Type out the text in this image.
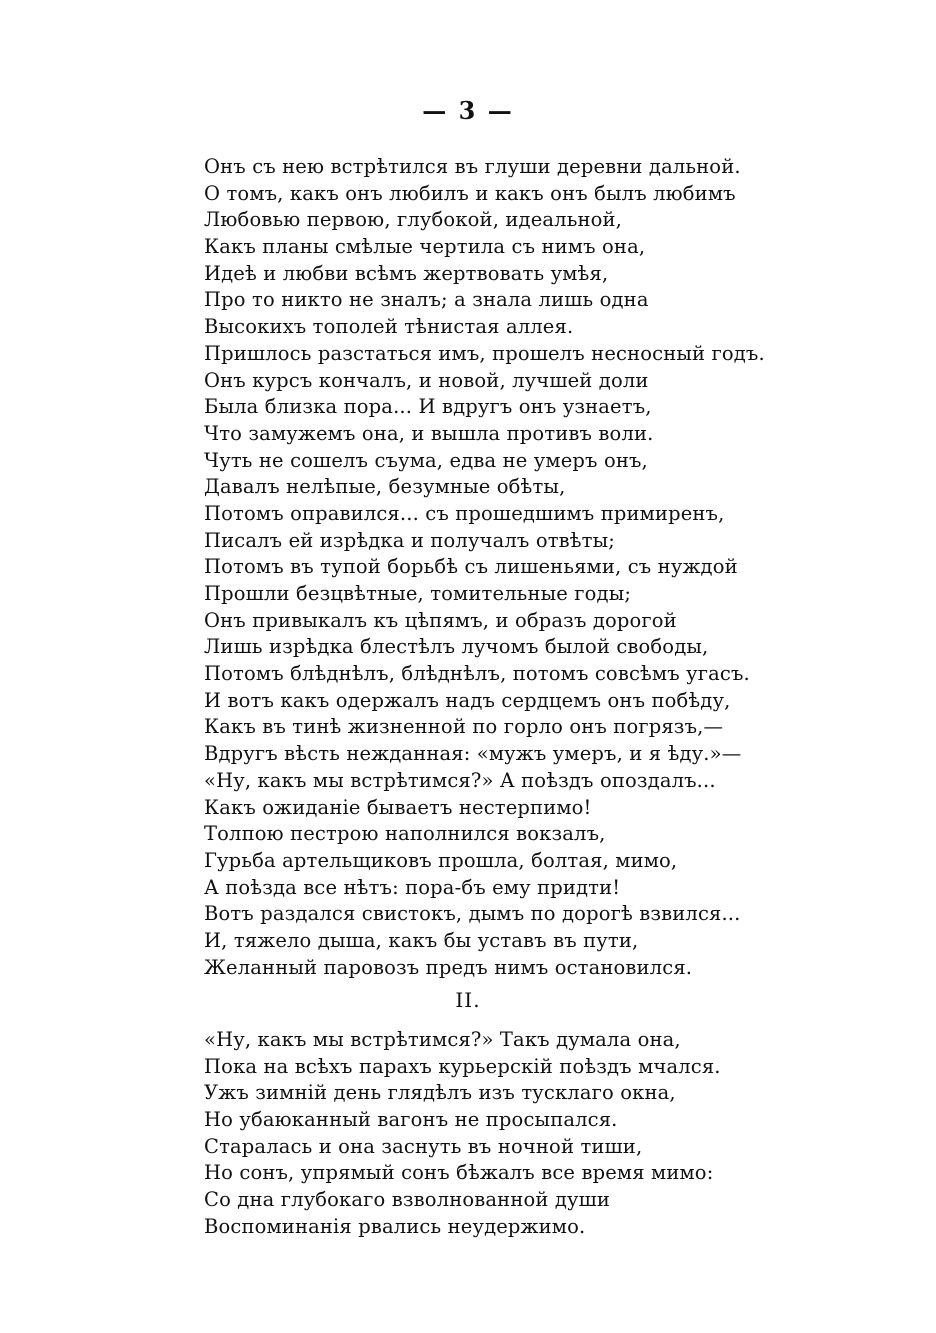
— 3 —
Онъ съ нею встрѣтился въ глуши деревни дальной.
О томъ, какъ онъ любилъ и какъ онъ былъ любимъ
Любовью первою, глубокой, идеальной,
Какъ планы смѣлые чертила съ нимъ она,
Идеѣ и любви всѣмъ жертвовать умѣя,
Про то никто не зналъ; а знала лишь одна
Высокихъ тополей тѣнистая аллея.
Пришлось разстаться имъ, прошелъ несносный годъ.
Онъ курсъ кончалъ, и новой, лучшей доли
Была близка пора... И вдругъ онъ узнаетъ,
Что замужемъ она, и вышла противъ воли.
Чуть не сошелъ съума, едва не умеръ онъ,
Давалъ нелѣпые, безумные обѣты,
Потомъ оправился... съ прошедшимъ примиренъ,
Писалъ ей изрѣдка и получалъ отвѣты;
Потомъ въ тупой борьбѣ съ лишеньями, съ нуждой
Прошли безцвѣтные, томительные годы;
Онъ привыкалъ къ цѣпямъ, и образъ дорогой
Лишь изрѣдка блестѣлъ лучомъ былой свободы,
Потомъ блѣднѣлъ, блѣднѣлъ, потомъ совсѣмъ угасъ.
И вотъ какъ одержалъ надъ сердцемъ онъ побѣду,
Какъ въ тинѣ жизненной по горло онъ погрязъ,—
Вдругъ вѣсть нежданная: «мужъ умеръ, и я ѣду.»—
«Ну, какъ мы встрѣтимся?» А поѣздъ опоздалъ...
Какъ ожиданіе бываетъ нестерпимо!
Толпою пестрою наполнился вокзалъ,
Гурьба артельщиковъ прошла, болтая, мимо,
А поѣзда все нѣтъ: пора-бъ ему придти!
Вотъ раздался свистокъ, дымъ по дорогѣ взвился...
И, тяжело дыша, какъ бы уставъ въ пути,
Желанный паровозъ предъ нимъ остановился.
II.
«Ну, какъ мы встрѣтимся?» Такъ думала она,
Пока на всѣхъ парахъ курьерскій поѣздъ мчался.
Ужъ зимній день глядѣлъ изъ тусклаго окна,
Но убаюканный вагонъ не просыпался.
Старалась и она заснуть въ ночной тиши,
Но сонъ, упрямый сонъ бѣжалъ все время мимо:
Со дна глубокаго взволнованной души
Воспоминанія рвались неудержимо.
